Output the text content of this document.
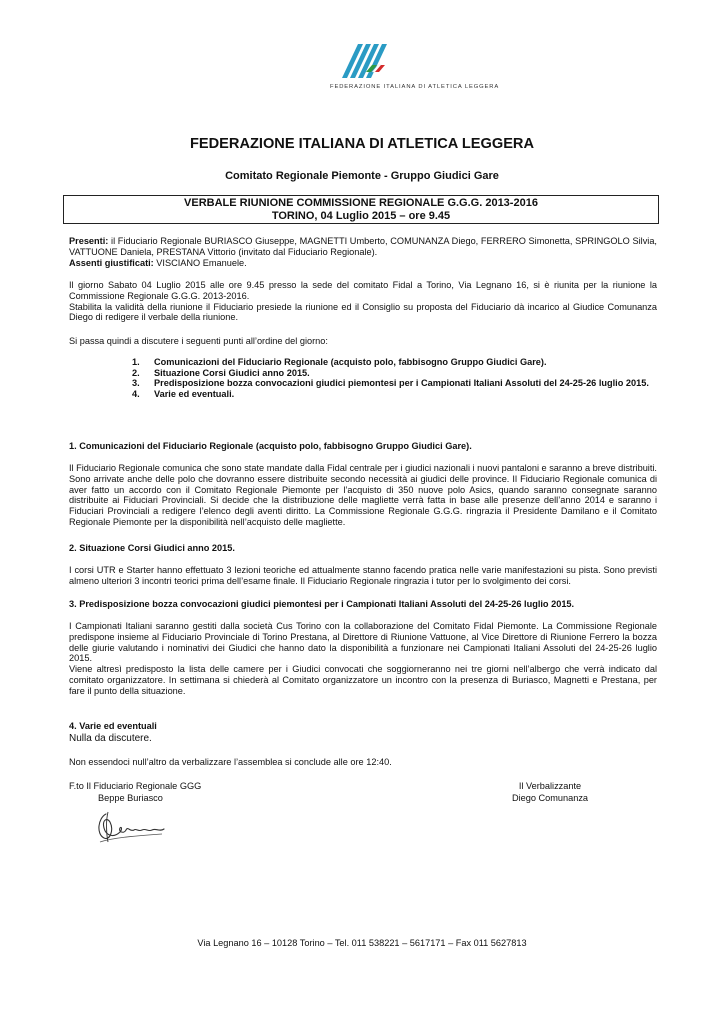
FEDERAZIONE ITALIANA DI ATLETICA LEGGERA
FEDERAZIONE ITALIANA DI ATLETICA LEGGERA
Comitato Regionale Piemonte - Gruppo Giudici Gare
VERBALE RIUNIONE COMMISSIONE REGIONALE G.G.G. 2013-2016
TORINO, 04 Luglio 2015 – ore 9.45

Presenti: il Fiduciario Regionale BURIASCO Giuseppe, MAGNETTI Umberto, COMUNANZA Diego, FERRERO Simonetta, SPRINGOLO Silvia, VATTUONE Daniela, PRESTANA Vittorio (invitato dal Fiduciario Regionale).

Assenti giustificati: VISCIANO Emanuele.

Il giorno Sabato 04 Luglio 2015 alle ore 9.45 presso la sede del comitato Fidal a Torino, Via Legnano 16, si è riunita per la riunione la Commissione Regionale G.G.G. 2013-2016.

Stabilita la validità della riunione il Fiduciario presiede la riunione ed il Consiglio su proposta del Fiduciario dà incarico al Giudice Comunanza Diego di redigere il verbale della riunione.

Si passa quindi a discutere i seguenti punti all’ordine del giorno:
1. Comunicazioni del Fiduciario Regionale (acquisto polo, fabbisogno Gruppo Giudici Gare).
2. Situazione Corsi Giudici anno 2015.
3. Predisposizione bozza convocazioni giudici piemontesi per i Campionati Italiani Assoluti del 24-25-26 luglio 2015.
4. Varie ed eventuali.
1. Comunicazioni del Fiduciario Regionale (acquisto polo, fabbisogno Gruppo Giudici Gare).
Il Fiduciario Regionale comunica che sono state mandate dalla Fidal centrale per i giudici nazionali i nuovi pantaloni e saranno a breve distribuiti. Sono arrivate anche delle polo che dovranno essere distribuite secondo necessità ai giudici delle province. Il Fiduciario Regionale comunica di aver fatto un accordo con il Comitato Regionale Piemonte per l’acquisto di 350 nuove polo Asics, quando saranno consegnate saranno distribuite ai Fiduciari Provinciali. Si decide che la distribuzione delle magliette verrà fatta in base alle presenze dell’anno 2014 e saranno i Fiduciari Provinciali a redigere l’elenco degli aventi diritto. La Commissione Regionale G.G.G. ringrazia il Presidente Damilano e il Comitato Regionale Piemonte per la disponibilità nell’acquisto delle magliette.
2. Situazione Corsi Giudici anno 2015.
I corsi UTR e Starter hanno effettuato 3 lezioni teoriche ed attualmente stanno facendo pratica nelle varie manifestazioni su pista. Sono previsti almeno ulteriori 3 incontri teorici prima dell’esame finale. Il Fiduciario Regionale ringrazia i tutor per lo svolgimento dei corsi.
3. Predisposizione bozza convocazioni giudici piemontesi per i Campionati Italiani Assoluti del 24-25-26 luglio 2015.

I Campionati Italiani saranno gestiti dalla società Cus Torino con la collaborazione del Comitato Fidal Piemonte. La Commissione Regionale predispone insieme al Fiduciario Provinciale di Torino Prestana, al Direttore di Riunione Vattuone, al Vice Direttore di Riunione Ferrero la bozza delle giurie valutando i nominativi dei Giudici che hanno dato la disponibilità a funzionare nei Campionati Italiani Assoluti del 24-25-26 luglio 2015.

Viene altresì predisposto la lista delle camere per i Giudici convocati che soggiorneranno nei tre giorni nell’albergo che verrà indicato dal comitato organizzatore. In settimana si chiederà al Comitato organizzatore un incontro con la presenza di Buriasco, Magnetti e Prestana, per fare il punto della situazione.

4. Varie ed eventuali
Nulla da discutere.
Non essendoci null’altro da verbalizzare l’assemblea si conclude alle ore 12:40.
F.to Il Fiduciario Regionale GGG
Beppe Buriasco
Il Verbalizzante
Diego Comunanza
Via Legnano 16 – 10128 Torino – Tel. 011 538221 – 5617171 – Fax 011 5627813
